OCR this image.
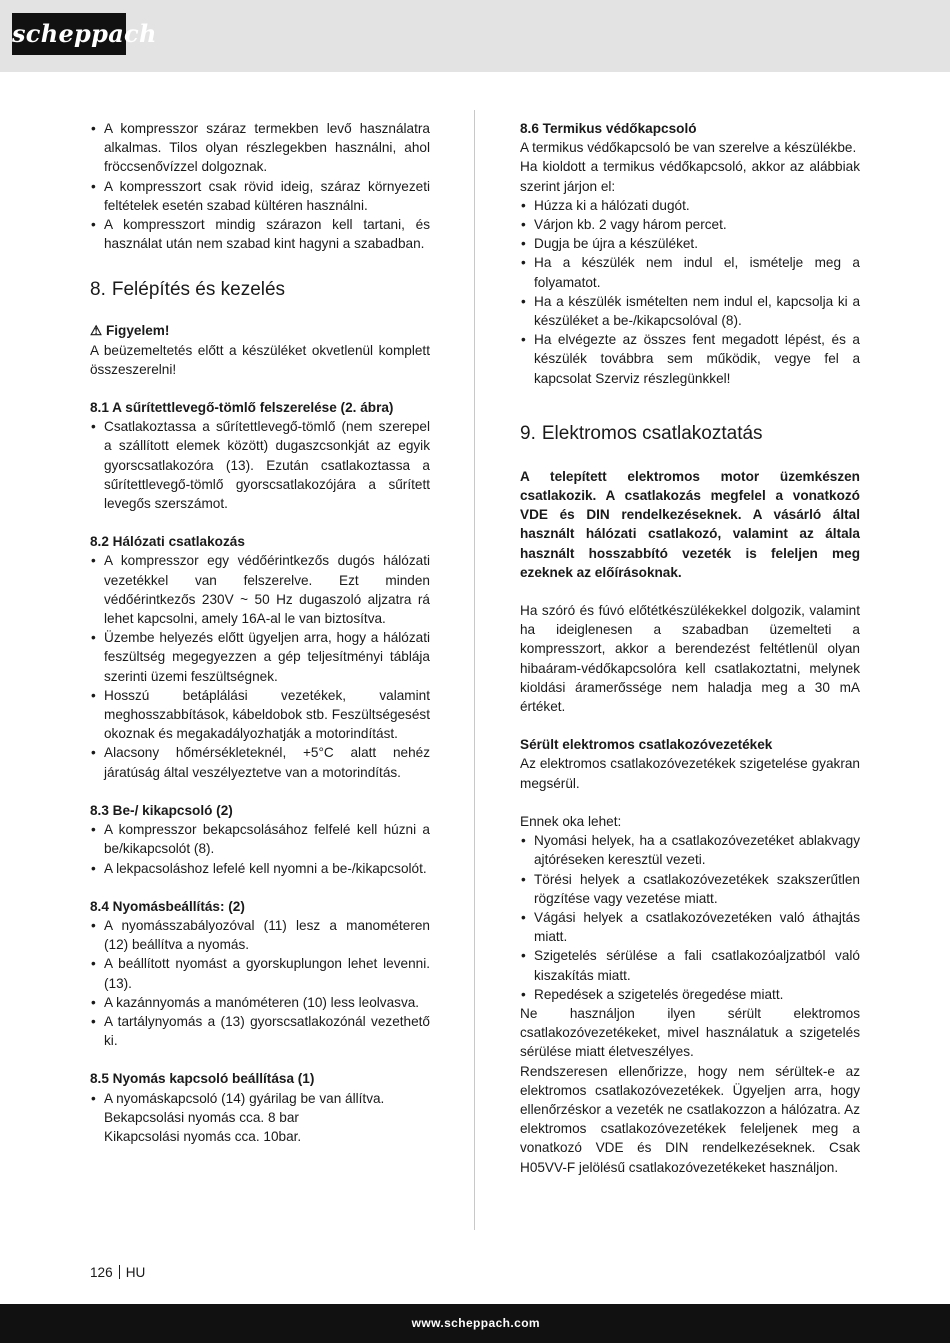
scheppach
• A kompresszor száraz termekben levő használatra alkalmas. Tilos olyan részlegekben használni, ahol fröccsenővízzel dolgoznak.
• A kompresszort csak rövid ideig, száraz környezeti feltételek esetén szabad kültéren használni.
• A kompresszort mindig szárazon kell tartani, és használat után nem szabad kint hagyni a szabadban.
8. Felépítés és kezelés
⚠ Figyelem!

A beüzemeltetés előtt a készüléket okvetlenül komplett összeszerelni!

8.1 A sűrítettlevegő-tömlő felszerelése (2. ábra)
• Csatlakoztassa a sűrítettlevegő-tömlő (nem szerepel a szállított elemek között) dugaszcsonkját az egyik gyorscsatlakozóra (13). Ezután csatlakoztassa a sűrítettlevegő-tömlő gyorscsatlakozójára a sűrített levegős szerszámot.
8.2 Hálózati csatlakozás
• A kompresszor egy védőérintkezős dugós hálózati vezetékkel van felszerelve. Ezt minden védőérintkezős 230V ~ 50 Hz dugaszoló aljzatra rá lehet kapcsolni, amely 16A-al le van biztosítva.
• Üzembe helyezés előtt ügyeljen arra, hogy a hálózati feszültség megegyezzen a gép teljesítményi táblája szerinti üzemi feszültségnek.
• Hosszú betáplálási vezetékek, valamint meghosszabbítások, kábeldobok stb. Feszültségesést okoznak és megakadályozhatják a motorindítást.
• Alacsony hőmérsékleteknél, +5°C alatt nehéz járatúság által veszélyeztetve van a motorindítás.
8.3 Be-/ kikapcsoló (2)
• A kompresszor bekapcsolásához felfelé kell húzni a be/kikapcsolót (8).
• A lekpacsoláshoz lefelé kell nyomni a be-/kikapcsolót.
8.4 Nyomásbeállítás: (2)
• A nyomásszabályozóval (11) lesz a manométeren (12) beállítva a nyomás.
• A beállított nyomást a gyorskuplungon lehet levenni. (13).
• A kazánnyomás a manóméteren (10) less leolvasva.
• A tartálynyomás a (13) gyorscsatlakozónál vezethető ki.
8.5 Nyomás kapcsoló beállítása (1)
• A nyomáskapcsoló (14) gyárilag be van állítva.
Bekapcsolási nyomás cca. 8 bar
Kikapcsolási nyomás cca. 10bar.
8.6 Termikus védőkapcsoló

A termikus védőkapcsoló be van szerelve a készülékbe.

Ha kioldott a termikus védőkapcsoló, akkor az alábbiak szerint járjon el:

• Húzza ki a hálózati dugót.
• Várjon kb. 2 vagy három percet.
• Dugja be újra a készüléket.
• Ha a készülék nem indul el, ismételje meg a folyamatot.
• Ha a készülék ismételten nem indul el, kapcsolja ki a készüléket a be-/kikapcsolóval (8).
• Ha elvégezte az összes fent megadott lépést, és a készülék továbbra sem működik, vegye fel a kapcsolat Szerviz részlegünkkel!
9. Elektromos csatlakoztatás

A telepített elektromos motor üzemkészen csatlakozik. A csatlakozás megfelel a vonatkozó VDE és DIN rendelkezéseknek. A vásárló által használt hálózati csatlakozó, valamint az általa használt hosszabbító vezeték is feleljen meg ezeknek az előírásoknak.

Ha szóró és fúvó előtétkészülékekkel dolgozik, valamint ha ideiglenesen a szabadban üzemelteti a kompresszort, akkor a berendezést feltétlenül olyan hibaáram-védőkapcsolóra kell csatlakoztatni, melynek kioldási áramerőssége nem haladja meg a 30 mA értéket.

Sérült elektromos csatlakozóvezetékek

Az elektromos csatlakozóvezetékek szigetelése gyakran megsérül.

Ennek oka lehet:

• Nyomási helyek, ha a csatlakozóvezetéket ablakvagy ajtóréseken keresztül vezeti.
• Törési helyek a csatlakozóvezetékek szakszerűtlen rögzítése vagy vezetése miatt.
• Vágási helyek a csatlakozóvezetéken való áthajtás miatt.
• Szigetelés sérülése a fali csatlakozóaljzatból való kiszakítás miatt.
• Repedések a szigetelés öregedése miatt.

Ne használjon ilyen sérült elektromos csatlakozóvezetékeket, mivel használatuk a szigetelés sérülése miatt életveszélyes.

Rendszeresen ellenőrizze, hogy nem sérültek-e az elektromos csatlakozóvezetékek. Ügyeljen arra, hogy ellenőrzéskor a vezeték ne csatlakozzon a hálózatra. Az elektromos csatlakozóvezetékek feleljenek meg a vonatkozó VDE és DIN rendelkezéseknek. Csak H05VV-F jelölésű csatlakozóvezetékeket használjon.

126 HU
www.scheppach.com
